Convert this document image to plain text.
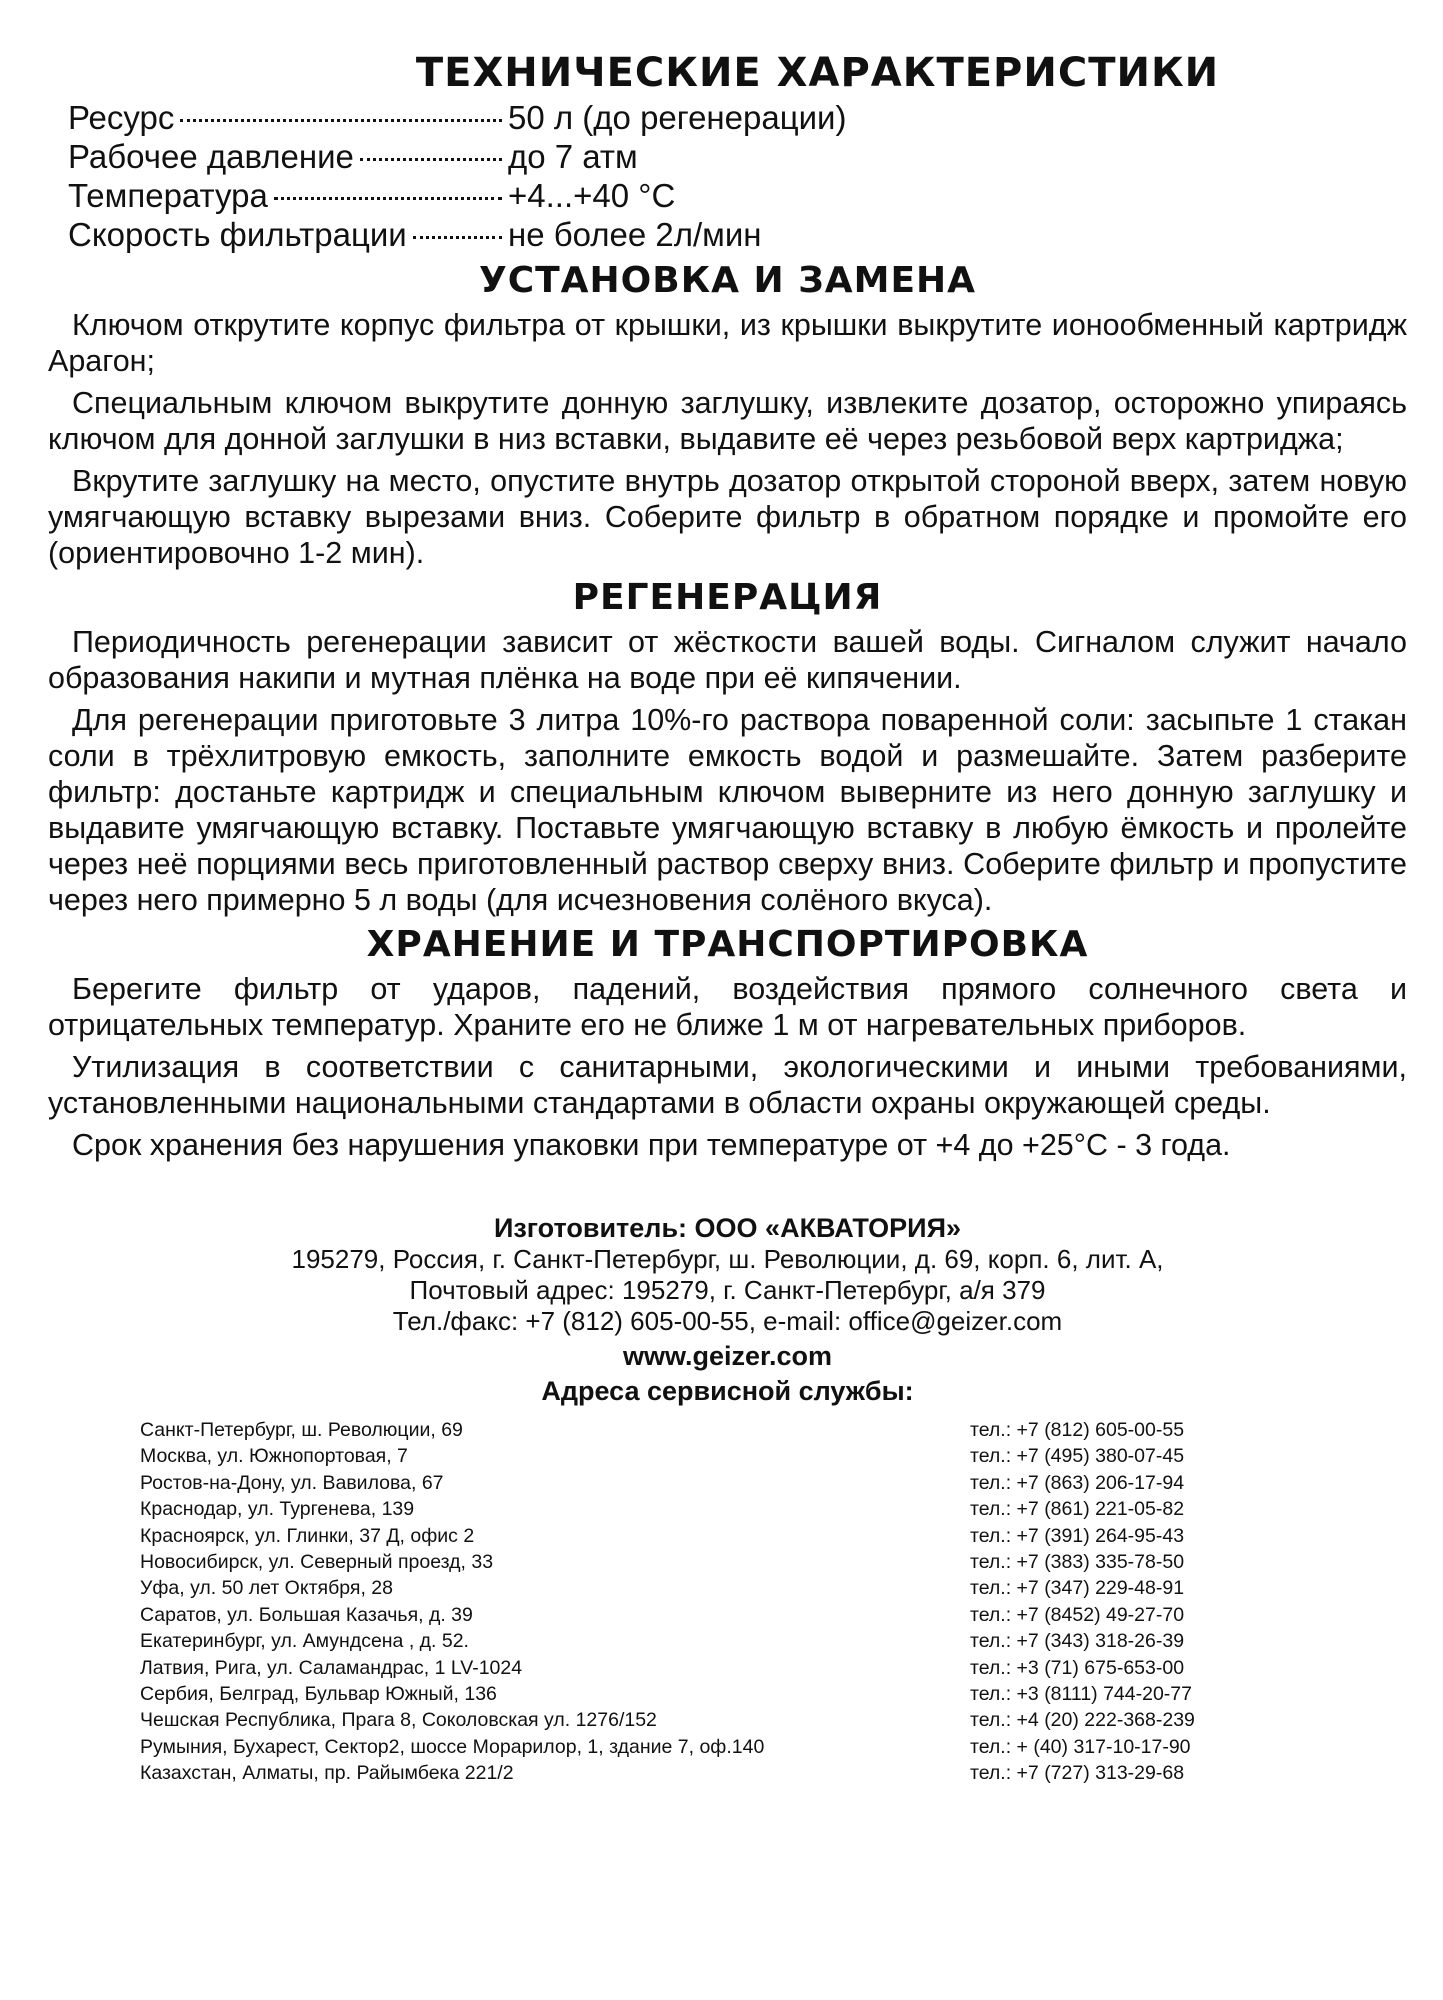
ТЕХНИЧЕСКИЕ ХАРАКТЕРИСТИКИ
Ресурс	50 л (до регенерации)
Рабочее давление	до 7 атм
Температура	+4...+40 °С
Скорость фильтрации	не более 2л/мин
УСТАНОВКА И ЗАМЕНА

Ключом открутите корпус фильтра от крышки, из крышки выкрутите ионообменный картридж Арагон;

Специальным ключом выкрутите донную заглушку, извлеките дозатор, осторожно упираясь ключом для донной заглушки в низ вставки, выдавите её через резьбовой верх картриджа;

Вкрутите заглушку на место, опустите внутрь дозатор открытой стороной вверх, затем новую умягчающую вставку вырезами вниз. Соберите фильтр в обратном порядке и промойте его (ориентировочно 1-2 мин).

РЕГЕНЕРАЦИЯ

Периодичность регенерации зависит от жёсткости вашей воды. Сигналом служит начало образования накипи и мутная плёнка на воде при её кипячении.

Для регенерации приготовьте 3 литра 10%-го раствора поваренной соли: засыпьте 1 стакан соли в трёхлитровую емкость, заполните емкость водой и размешайте. Затем разберите фильтр: достаньте картридж и специальным ключом выверните из него донную заглушку и выдавите умягчающую вставку. Поставьте умягчающую вставку в любую ёмкость и пролейте через неё порциями весь приготовленный раствор сверху вниз. Соберите фильтр и пропустите через него примерно 5 л воды (для исчезновения солёного вкуса).

ХРАНЕНИЕ И ТРАНСПОРТИРОВКА

Берегите фильтр от ударов, падений, воздействия прямого солнечного света и отрицательных температур. Храните его не ближе 1 м от нагревательных приборов.

Утилизация в соответствии с санитарными, экологическими и иными требованиями, установленными национальными стандартами в области охраны окружающей среды.

Срок хранения без нарушения упаковки при температуре от +4 до +25°С - 3 года.

Изготовитель: ООО «АКВАТОРИЯ»
195279, Россия, г. Санкт-Петербург, ш. Революции, д. 69, корп. 6, лит. А,
Почтовый адрес: 195279, г. Санкт-Петербург, а/я 379
Тел./факс: +7 (812) 605-00-55, e-mail: office@geizer.com
www.geizer.com
Адреса сервисной службы:
Санкт-Петербург, ш. Революции, 69	тел.: +7 (812) 605-00-55
Москва, ул. Южнопортовая, 7	тел.: +7 (495) 380-07-45
Ростов-на-Дону, ул. Вавилова, 67	тел.: +7 (863) 206-17-94
Краснодар, ул. Тургенева, 139	тел.: +7 (861) 221-05-82
Красноярск, ул. Глинки, 37 Д, офис 2	тел.: +7 (391) 264-95-43
Новосибирск, ул. Северный проезд, 33	тел.: +7 (383) 335-78-50
Уфа, ул. 50 лет Октября, 28	тел.: +7 (347) 229-48-91
Саратов, ул. Большая Казачья, д. 39	тел.: +7 (8452) 49-27-70
Екатеринбург, ул. Амундсена , д. 52.	тел.: +7 (343) 318-26-39
Латвия, Рига, ул. Саламандрас, 1 LV-1024	тел.: +3 (71) 675-653-00
Сербия, Белград, Бульвар Южный, 136	тел.: +3 (8111) 744-20-77
Чешская Республика, Прага 8, Соколовская ул. 1276/152	тел.: +4 (20) 222-368-239
Румыния, Бухарест, Сектор2, шоссе Морарилор, 1, здание 7, оф.140	тел.: + (40) 317-10-17-90
Казахстан, Алматы, пр. Райымбека 221/2	тел.: +7 (727) 313-29-68
